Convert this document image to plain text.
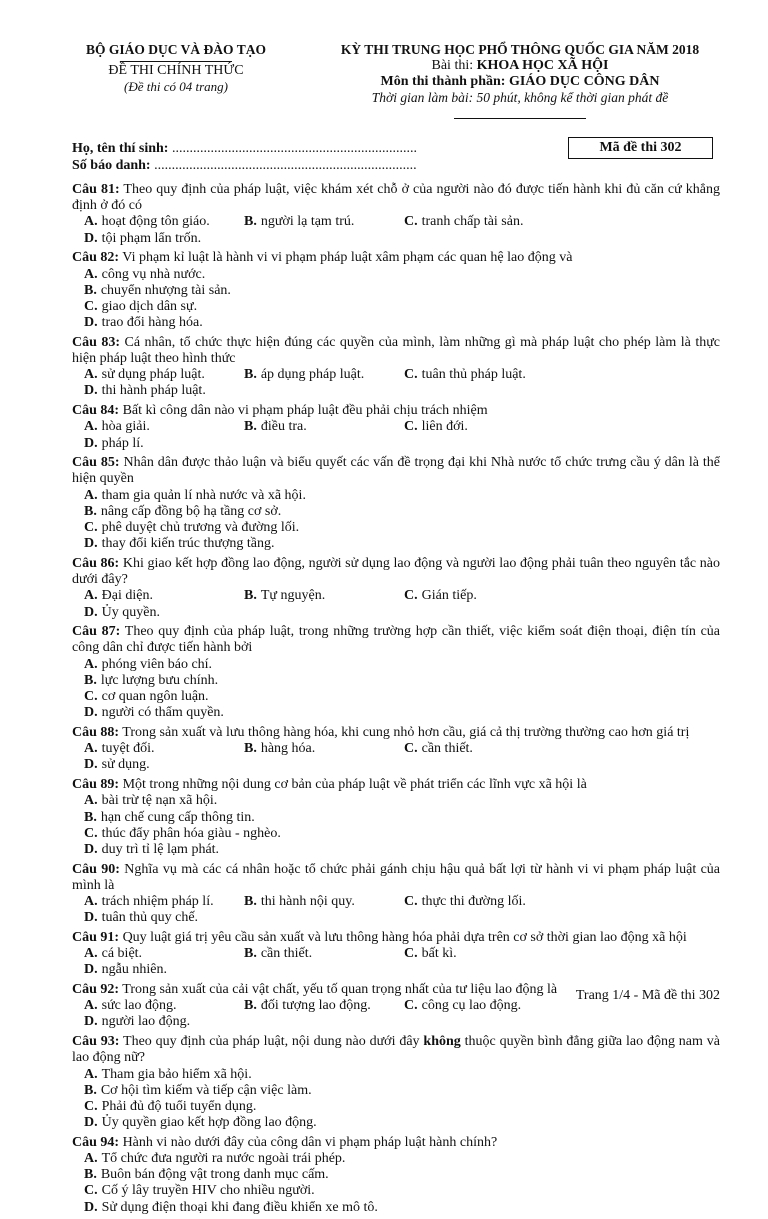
BỘ GIÁO DỤC VÀ ĐÀO TẠO
ĐỀ THI CHÍNH THỨC
(Đề thi có 04 trang)
KỲ THI TRUNG HỌC PHỔ THÔNG QUỐC GIA NĂM 2018
Bài thi: KHOA HỌC XÃ HỘI
Môn thi thành phần: GIÁO DỤC CÔNG DÂN
Thời gian làm bài: 50 phút, không kể thời gian phát đề
Họ, tên thí sinh: ......................................................................
Số báo danh: ...........................................................................
Mã đề thi 302
Câu 81: Theo quy định của pháp luật, việc khám xét chỗ ở của người nào đó được tiến hành khi đủ căn cứ khẳng định ở đó có
A. hoạt động tôn giáo.	B. người lạ tạm trú.	C. tranh chấp tài sản.
D. tội phạm lẩn trốn.
Câu 82: Vi phạm kỉ luật là hành vi vi phạm pháp luật xâm phạm các quan hệ lao động và
A. công vụ nhà nước.
B. chuyển nhượng tài sản.
C. giao dịch dân sự.
D. trao đổi hàng hóa.
Câu 83: Cá nhân, tổ chức thực hiện đúng các quyền của mình, làm những gì mà pháp luật cho phép làm là thực hiện pháp luật theo hình thức
A. sử dụng pháp luật.	B. áp dụng pháp luật.	C. tuân thủ pháp luật.
D. thi hành pháp luật.
Câu 84: Bất kì công dân nào vi phạm pháp luật đều phải chịu trách nhiệm
A. hòa giải.	B. điều tra.	C. liên đới.
D. pháp lí.
Câu 85: Nhân dân được thảo luận và biểu quyết các vấn đề trọng đại khi Nhà nước tổ chức trưng cầu ý dân là thể hiện quyền
A. tham gia quản lí nhà nước và xã hội.
B. nâng cấp đồng bộ hạ tầng cơ sở.
C. phê duyệt chủ trương và đường lối.
D. thay đổi kiến trúc thượng tầng.
Câu 86: Khi giao kết hợp đồng lao động, người sử dụng lao động và người lao động phải tuân theo nguyên tắc nào dưới đây?
A. Đại diện.	B. Tự nguyện.	C. Gián tiếp.
D. Ủy quyền.
Câu 87: Theo quy định của pháp luật, trong những trường hợp cần thiết, việc kiểm soát điện thoại, điện tín của công dân chỉ được tiến hành bởi
A. phóng viên báo chí.
B. lực lượng bưu chính.
C. cơ quan ngôn luận.
D. người có thẩm quyền.
Câu 88: Trong sản xuất và lưu thông hàng hóa, khi cung nhỏ hơn cầu, giá cả thị trường thường cao hơn giá trị
A. tuyệt đối.	B. hàng hóa.	C. cần thiết.
D. sử dụng.
Câu 89: Một trong những nội dung cơ bản của pháp luật về phát triển các lĩnh vực xã hội là
A. bài trừ tệ nạn xã hội.
B. hạn chế cung cấp thông tin.
C. thúc đẩy phân hóa giàu - nghèo.
D. duy trì tỉ lệ lạm phát.
Câu 90: Nghĩa vụ mà các cá nhân hoặc tổ chức phải gánh chịu hậu quả bất lợi từ hành vi vi phạm pháp luật của mình là
A. trách nhiệm pháp lí.	B. thi hành nội quy.	C. thực thi đường lối.
D. tuân thủ quy chế.
Câu 91: Quy luật giá trị yêu cầu sản xuất và lưu thông hàng hóa phải dựa trên cơ sở thời gian lao động xã hội
A. cá biệt.	B. cần thiết.	C. bất kì.
D. ngẫu nhiên.
Câu 92: Trong sản xuất của cải vật chất, yếu tố quan trọng nhất của tư liệu lao động là
A. sức lao động.	B. đối tượng lao động.	C. công cụ lao động.
D. người lao động.
Câu 93: Theo quy định của pháp luật, nội dung nào dưới đây không thuộc quyền bình đẳng giữa lao động nam và lao động nữ?
A. Tham gia bảo hiểm xã hội.
B. Cơ hội tìm kiếm và tiếp cận việc làm.
C. Phải đủ độ tuổi tuyển dụng.
D. Ủy quyền giao kết hợp đồng lao động.
Câu 94: Hành vi nào dưới đây của công dân vi phạm pháp luật hành chính?
A. Tổ chức đưa người ra nước ngoài trái phép.
B. Buôn bán động vật trong danh mục cấm.
C. Cố ý lây truyền HIV cho nhiều người.
D. Sử dụng điện thoại khi đang điều khiển xe mô tô.
Trang 1/4 - Mã đề thi 302
